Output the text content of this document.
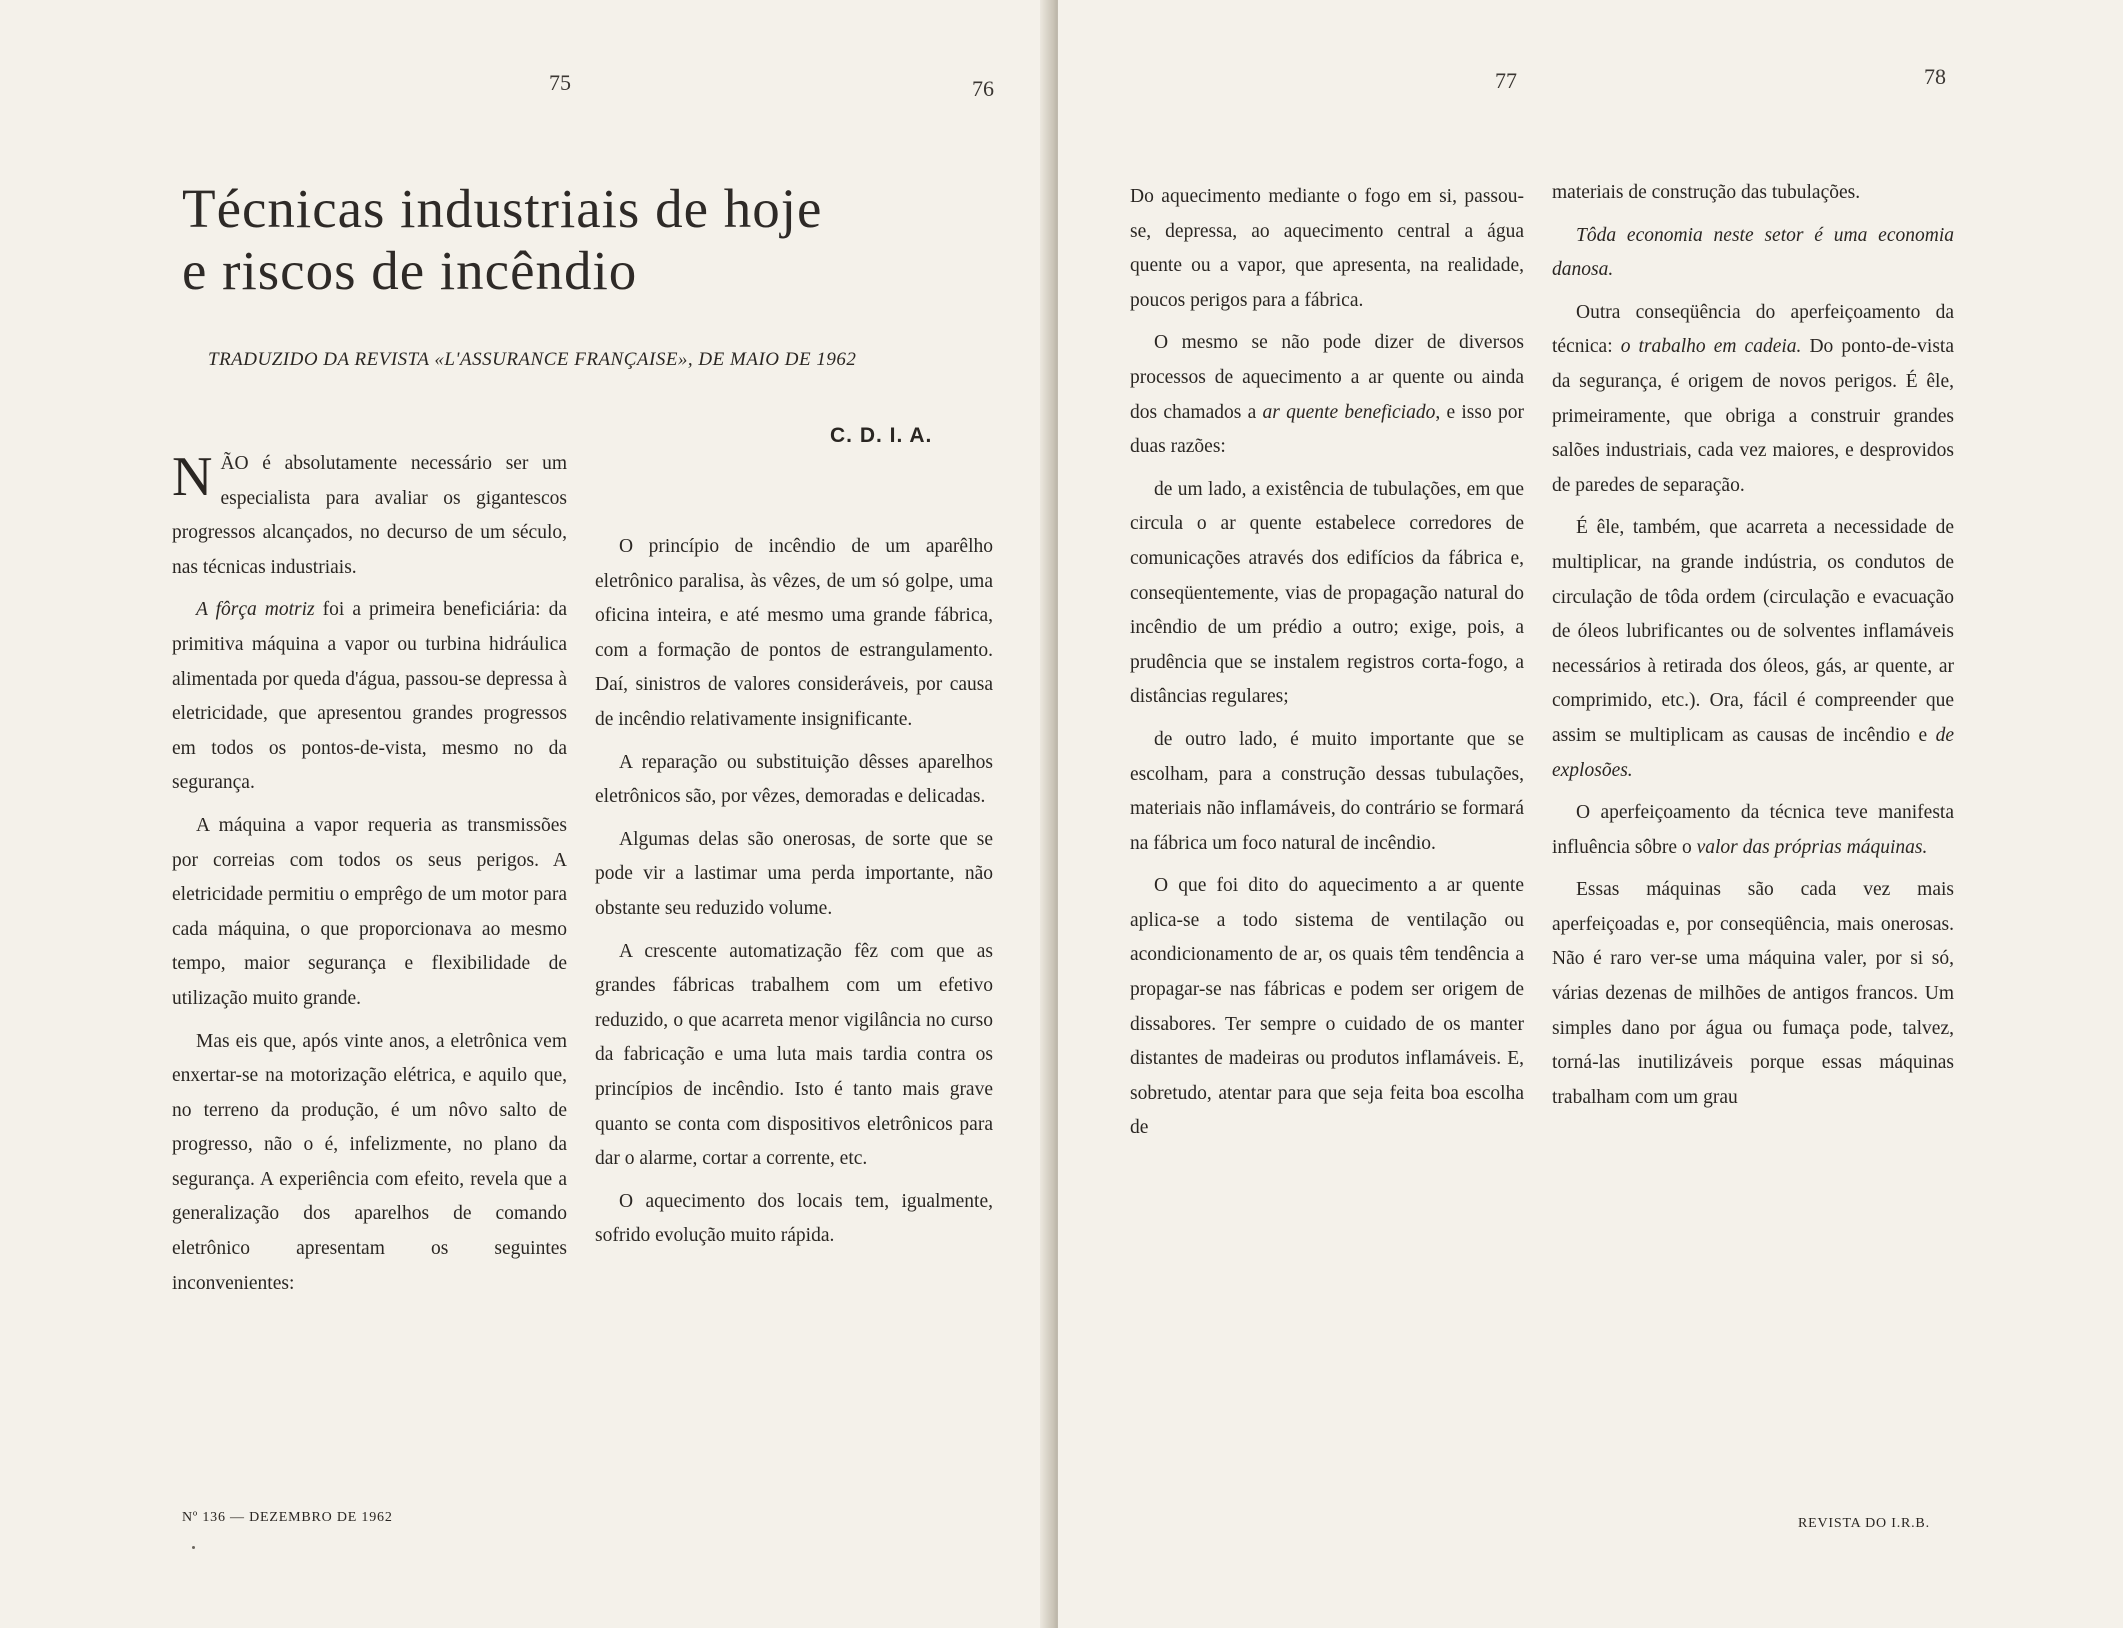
75	76
Técnicas industriais de hoje
e riscos de incêndio
TRADUZIDO DA REVISTA «L'ASSURANCE FRANÇAISE», DE MAIO DE 1962
C. D. I. A.

NÃO é absolutamente necessário ser um especialista para avaliar os gigantescos progressos alcançados, no decurso de um século, nas técnicas industriais.

A fôrça motriz foi a primeira beneficiária: da primitiva máquina a vapor ou turbina hidráulica alimentada por queda d'água, passou-se depressa à eletricidade, que apresentou grandes progressos em todos os pontos-de-vista, mesmo no da segurança.

A máquina a vapor requeria as transmissões por correias com todos os seus perigos. A eletricidade permitiu o emprêgo de um motor para cada máquina, o que proporcionava ao mesmo tempo, maior segurança e flexibilidade de utilização muito grande.

Mas eis que, após vinte anos, a eletrônica vem enxertar-se na motorização elétrica, e aquilo que, no terreno da produção, é um nôvo salto de progresso, não o é, infelizmente, no plano da segurança. A experiência com efeito, revela que a generalização dos aparelhos de comando eletrônico apresentam os seguintes inconvenientes:

O princípio de incêndio de um aparêlho eletrônico paralisa, às vêzes, de um só golpe, uma oficina inteira, e até mesmo uma grande fábrica, com a formação de pontos de estrangulamento. Daí, sinistros de valores consideráveis, por causa de incêndio relativamente insignificante.

A reparação ou substituição dêsses aparelhos eletrônicos são, por vêzes, demoradas e delicadas.

Algumas delas são onerosas, de sorte que se pode vir a lastimar uma perda importante, não obstante seu reduzido volume.

A crescente automatização fêz com que as grandes fábricas trabalhem com um efetivo reduzido, o que acarreta menor vigilância no curso da fabricação e uma luta mais tardia contra os princípios de incêndio. Isto é tanto mais grave quanto se conta com dispositivos eletrônicos para dar o alarme, cortar a corrente, etc.

O aquecimento dos locais tem, igualmente, sofrido evolução muito rápida.

Nº 136 — DEZEMBRO DE 1962
77	78

Do aquecimento mediante o fogo em si, passou-se, depressa, ao aquecimento central a água quente ou a vapor, que apresenta, na realidade, poucos perigos para a fábrica.

O mesmo se não pode dizer de diversos processos de aquecimento a ar quente ou ainda dos chamados a ar quente beneficiado, e isso por duas razões:

de um lado, a existência de tubulações, em que circula o ar quente estabelece corredores de comunicações através dos edifícios da fábrica e, conseqüentemente, vias de propagação natural do incêndio de um prédio a outro; exige, pois, a prudência que se instalem registros corta-fogo, a distâncias regulares;

de outro lado, é muito importante que se escolham, para a construção dessas tubulações, materiais não inflamáveis, do contrário se formará na fábrica um foco natural de incêndio.

O que foi dito do aquecimento a ar quente aplica-se a todo sistema de ventilação ou acondicionamento de ar, os quais têm tendência a propagar-se nas fábricas e podem ser origem de dissabores. Ter sempre o cuidado de os manter distantes de madeiras ou produtos inflamáveis. E, sobretudo, atentar para que seja feita boa escolha de

materiais de construção das tubulações.

Tôda economia neste setor é uma economia danosa.

Outra conseqüência do aperfeiçoamento da técnica: o trabalho em cadeia. Do ponto-de-vista da segurança, é origem de novos perigos. É êle, primeiramente, que obriga a construir grandes salões industriais, cada vez maiores, e desprovidos de paredes de separação.

É êle, também, que acarreta a necessidade de multiplicar, na grande indústria, os condutos de circulação de tôda ordem (circulação e evacuação de óleos lubrificantes ou de solventes inflamáveis necessários à retirada dos óleos, gás, ar quente, ar comprimido, etc.). Ora, fácil é compreender que assim se multiplicam as causas de incêndio e de explosões.

O aperfeiçoamento da técnica teve manifesta influência sôbre o valor das próprias máquinas.

Essas máquinas são cada vez mais aperfeiçoadas e, por conseqüência, mais onerosas. Não é raro ver-se uma máquina valer, por si só, várias dezenas de milhões de antigos francos. Um simples dano por água ou fumaça pode, talvez, torná-las inutilizáveis porque essas máquinas trabalham com um grau

REVISTA DO I.R.B.
